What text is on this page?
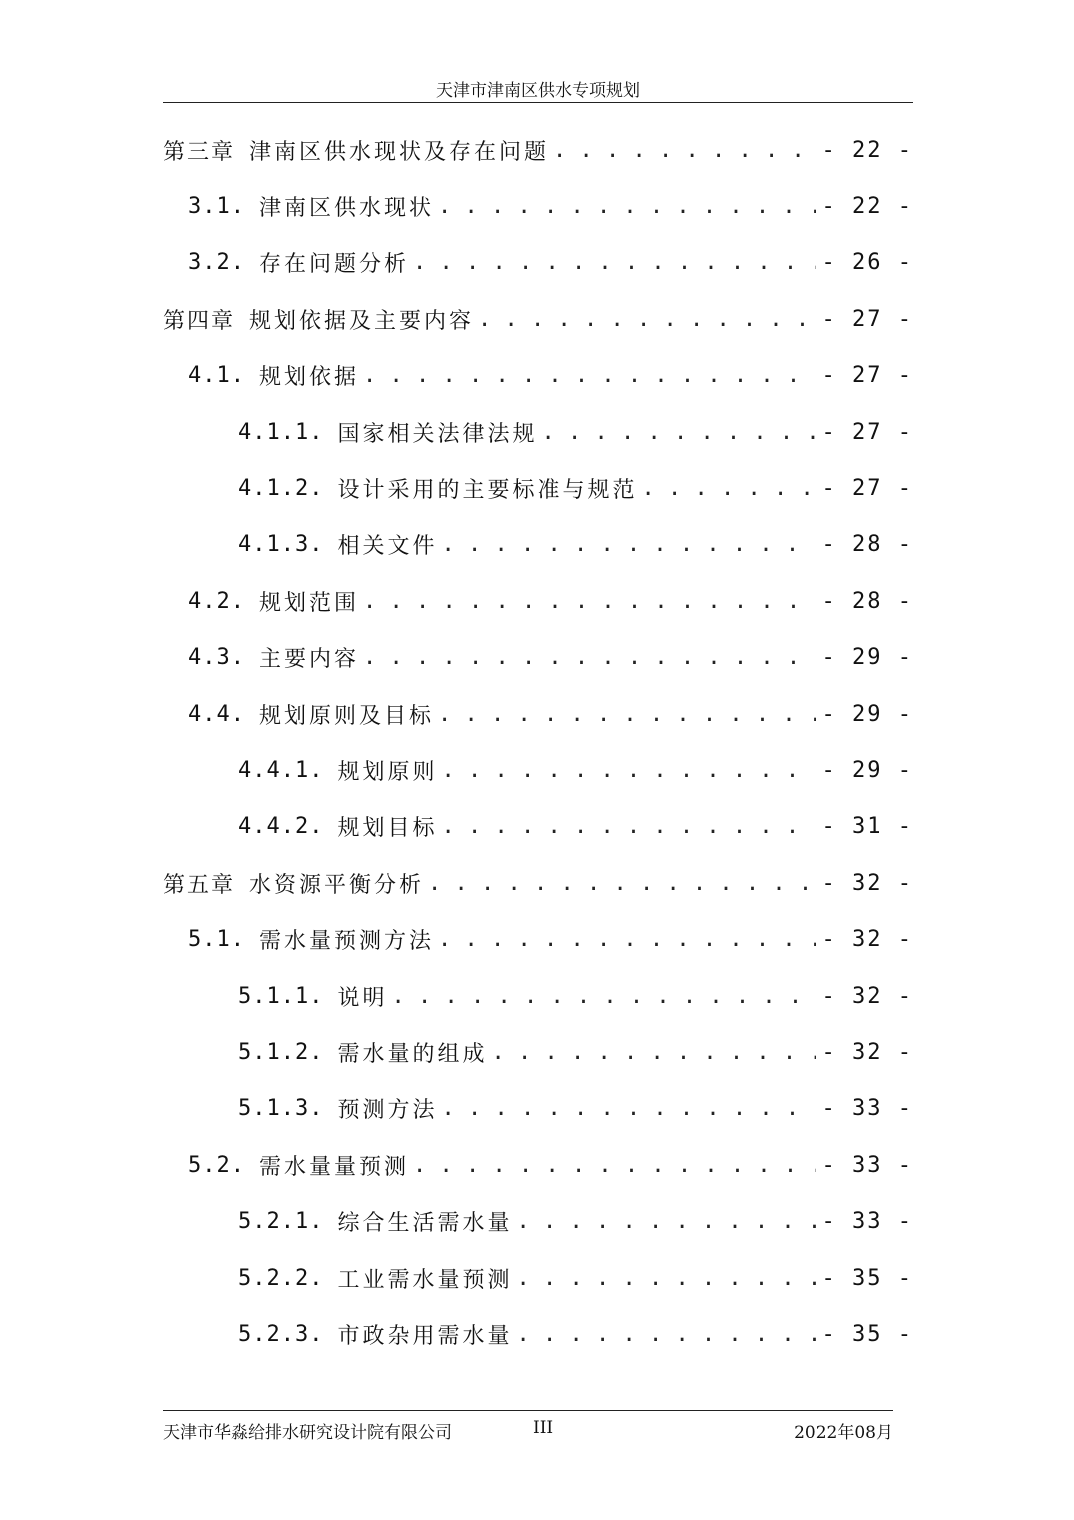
天津市津南区供水专项规划
第三章 津南区供水现状及存在问题 . . .	- 22 -
3.1. 津南区供水现状 . . .	- 22 -
3.2. 存在问题分析 . . .	- 26 -
第四章 规划依据及主要内容 . . .	- 27 -
4.1. 规划依据 . . .	- 27 -
4.1.1. 国家相关法律法规 . . .	- 27 -
4.1.2. 设计采用的主要标准与规范 . . .	- 27 -
4.1.3. 相关文件 . . .	- 28 -
4.2. 规划范围 . . .	- 28 -
4.3. 主要内容 . . .	- 29 -
4.4. 规划原则及目标 . . .	- 29 -
4.4.1. 规划原则 . . .	- 29 -
4.4.2. 规划目标 . . .	- 31 -
第五章 水资源平衡分析 . . .	- 32 -
5.1. 需水量预测方法 . . .	- 32 -
5.1.1. 说明 . . .	- 32 -
5.1.2. 需水量的组成 . . .	- 32 -
5.1.3. 预测方法 . . .	- 33 -
5.2. 需水量量预测 . . .	- 33 -
5.2.1. 综合生活需水量 . . .	- 33 -
5.2.2. 工业需水量预测 . . .	- 35 -
5.2.3. 市政杂用需水量 . . .	- 35 -
天津市华淼给排水研究设计院有限公司	III	2022年08月
